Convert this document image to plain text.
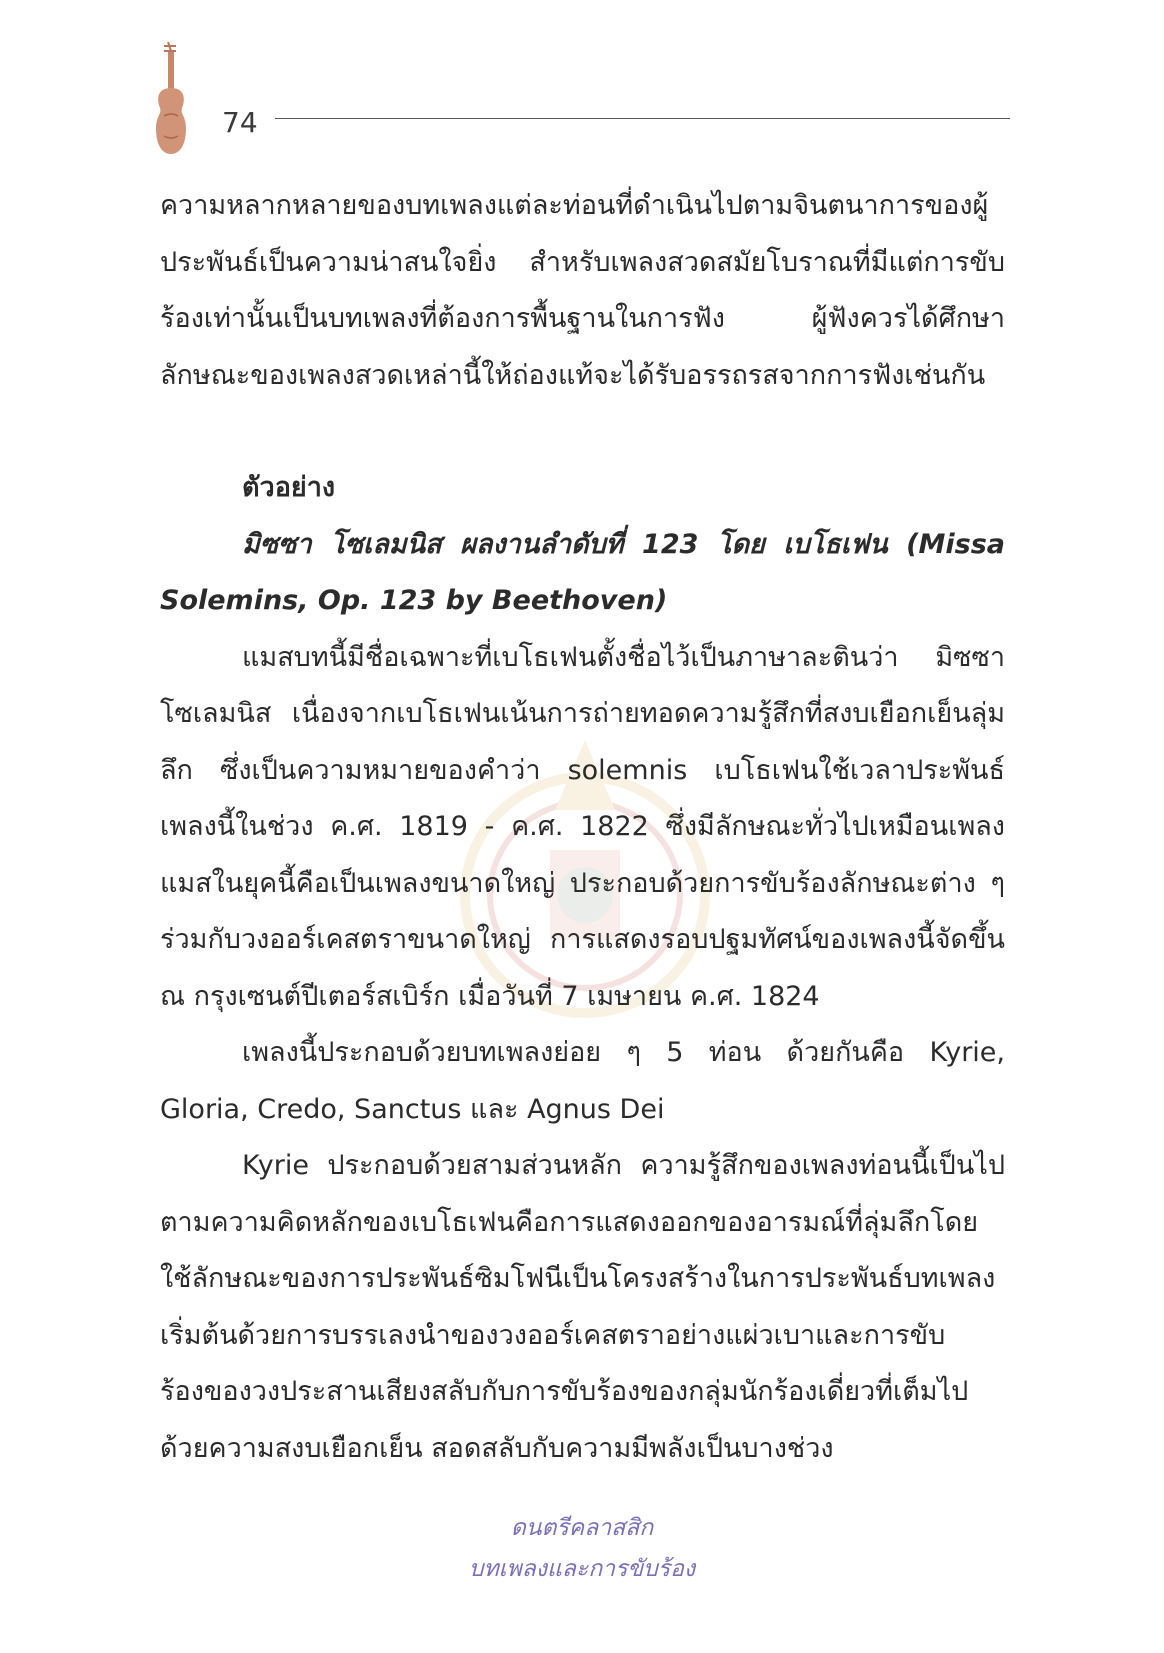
74

ความหลากหลายของบทเพลงแต่ละท่อนที่ดำเนินไปตามจินตนาการของผู้ประพันธ์เป็นความน่าสนใจยิ่ง สำหรับเพลงสวดสมัยโบราณที่มีแต่การขับร้องเท่านั้นเป็นบทเพลงที่ต้องการพื้นฐานในการฟัง ผู้ฟังควรได้ศึกษาลักษณะของเพลงสวดเหล่านี้ให้ถ่องแท้จะได้รับอรรถรสจากการฟังเช่นกัน

ตัวอย่าง

มิซซา โซเลมนิส ผลงานลำดับที่ 123 โดย เบโธเฟน (Missa Solemins, Op. 123 by Beethoven)

แมสบทนี้มีชื่อเฉพาะที่เบโธเฟนตั้งชื่อไว้เป็นภาษาละตินว่า มิซซาโซเลมนิส เนื่องจากเบโธเฟนเน้นการถ่ายทอดความรู้สึกที่สงบเยือกเย็นลุ่มลึก ซึ่งเป็นความหมายของคำว่า solemnis เบโธเฟนใช้เวลาประพันธ์เพลงนี้ในช่วง ค.ศ. 1819 - ค.ศ. 1822 ซึ่งมีลักษณะทั่วไปเหมือนเพลงแมสในยุคนี้คือเป็นเพลงขนาดใหญ่ ประกอบด้วยการขับร้องลักษณะต่าง ๆร่วมกับวงออร์เคสตราขนาดใหญ่ การแสดงรอบปฐมทัศน์ของเพลงนี้จัดขึ้น ณ กรุงเซนต์ปีเตอร์สเบิร์ก เมื่อวันที่ 7 เมษายน ค.ศ. 1824

เพลงนี้ประกอบด้วยบทเพลงย่อย ๆ 5 ท่อน ด้วยกันคือ Kyrie, Gloria, Credo, Sanctus และ Agnus Dei

Kyrie ประกอบด้วยสามส่วนหลัก ความรู้สึกของเพลงท่อนนี้เป็นไปตามความคิดหลักของเบโธเฟนคือการแสดงออกของอารมณ์ที่ลุ่มลึกโดยใช้ลักษณะของการประพันธ์ซิมโฟนีเป็นโครงสร้างในการประพันธ์บทเพลงเริ่มต้นด้วยการบรรเลงนำของวงออร์เคสตราอย่างแผ่วเบาและการขับร้องของวงประสานเสียงสลับกับการขับร้องของกลุ่มนักร้องเดี่ยวที่เต็มไปด้วยความสงบเยือกเย็น สอดสลับกับความมีพลังเป็นบางช่วง

ดนตรีคลาสสิก
บทเพลงและการขับร้อง
